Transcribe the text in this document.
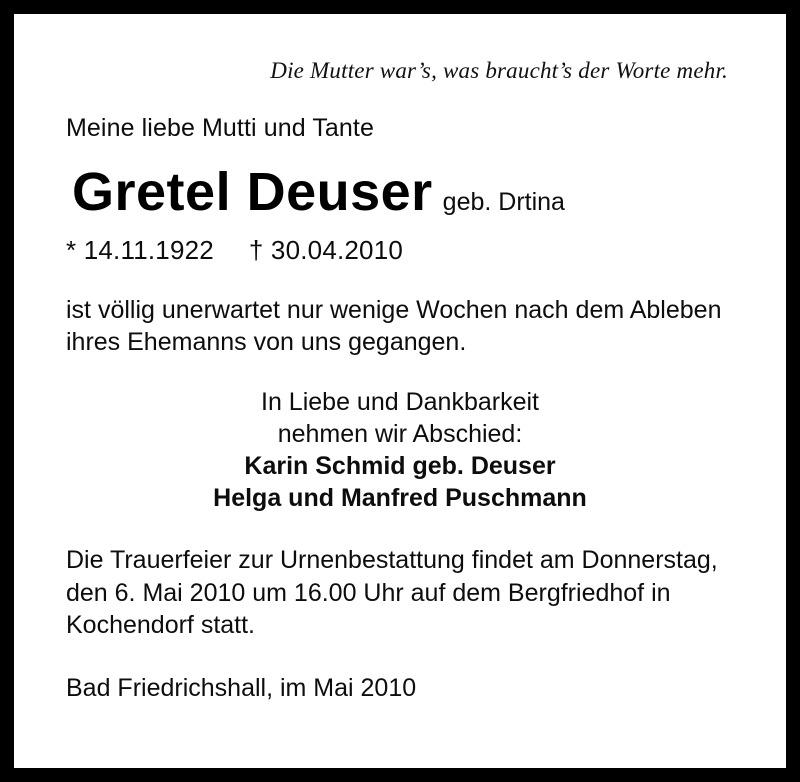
Die Mutter war’s, was braucht’s der Worte mehr.
Meine liebe Mutti und Tante
Gretel Deuser geb. Drtina
* 14.11.1922 † 30.04.2010
ist völlig unerwartet nur wenige Wochen nach dem Ableben
ihres Ehemanns von uns gegangen.
In Liebe und Dankbarkeit
nehmen wir Abschied:
Karin Schmid geb. Deuser
Helga und Manfred Puschmann
Die Trauerfeier zur Urnenbestattung findet am Donnerstag,
den 6. Mai 2010 um 16.00 Uhr auf dem Bergfriedhof in
Kochendorf statt.
Bad Friedrichshall, im Mai 2010
